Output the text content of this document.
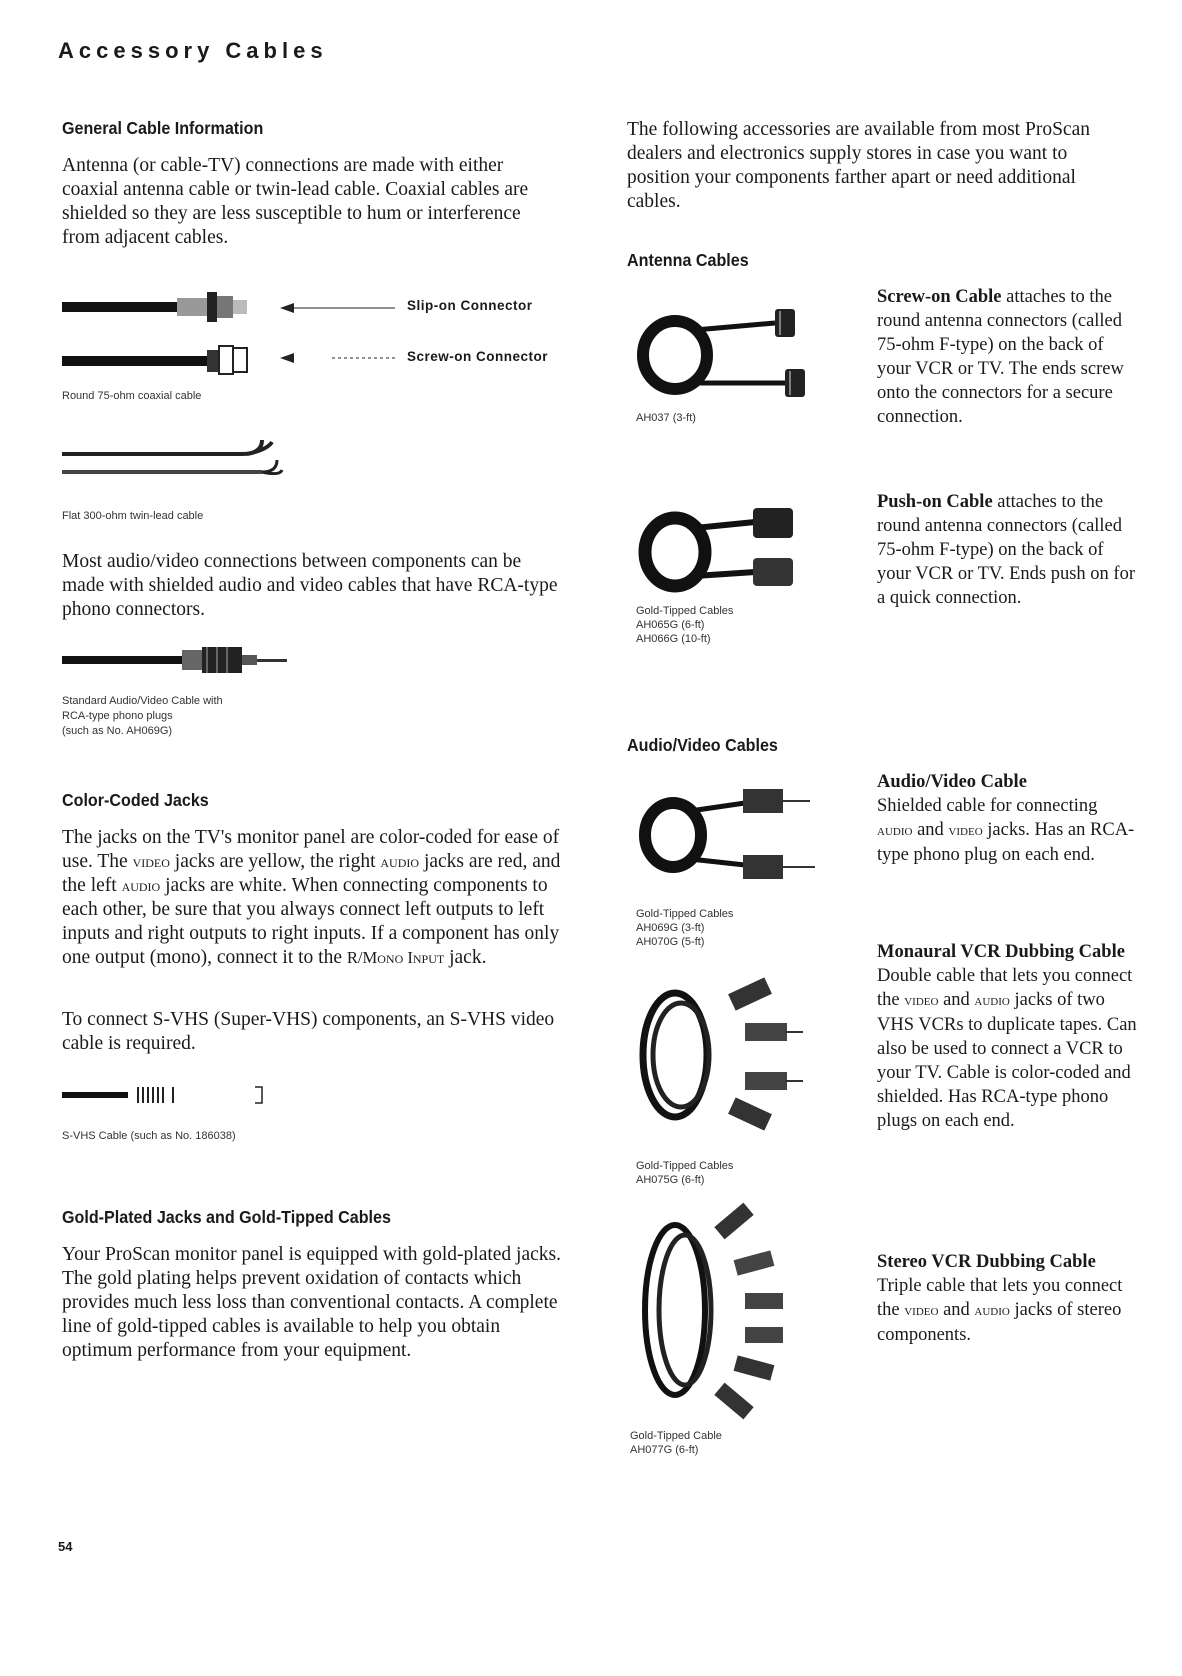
Accessory Cables
General Cable Information

Antenna (or cable-TV) connections are made with either coaxial antenna cable or twin-lead cable. Coaxial cables are shielded so they are less susceptible to hum or interference from adjacent cables.

Slip-on Connector
Screw-on Connector

Round 75-ohm coaxial cable

Flat 300-ohm twin-lead cable

Most audio/video connections between components can be made with shielded audio and video cables that have RCA-type phono connectors.

Standard Audio/Video Cable with

RCA-type phono plugs

(such as No. AH069G)

Color-Coded Jacks

The jacks on the TV's monitor panel are color-coded for ease of use. The video jacks are yellow, the right audio jacks are red, and the left audio jacks are white. When connecting components to each other, be sure that you always connect left outputs to left inputs and right outputs to right inputs. If a component has only one output (mono), connect it to the R/Mono Input jack.

To connect S-VHS (Super-VHS) components, an S-VHS video cable is required.

S-VHS Cable (such as No. 186038)

Gold-Plated Jacks and Gold-Tipped Cables

Your ProScan monitor panel is equipped with gold-plated jacks. The gold plating helps prevent oxidation of contacts which provides much less loss than conventional contacts. A complete line of gold-tipped cables is available to help you obtain optimum performance from your equipment.

54

The following accessories are available from most ProScan dealers and electronics supply stores in case you want to position your components farther apart or need additional cables.

Antenna Cables

AH037 (3-ft)

Screw-on Cable attaches to the round antenna connectors (called 75-ohm F-type) on the back of your VCR or TV. The ends screw onto the connectors for a secure connection.

Gold-Tipped Cables

AH065G (6-ft)

AH066G (10-ft)

Push-on Cable attaches to the round antenna connectors (called 75-ohm F-type) on the back of your VCR or TV. Ends push on for a quick connection.

Audio/Video Cables

Gold-Tipped Cables

AH069G (3-ft)

AH070G (5-ft)

Audio/Video Cable
Shielded cable for connecting audio and video jacks. Has an RCA-type phono plug on each end.

Gold-Tipped Cables

AH075G (6-ft)

Monaural VCR Dubbing Cable
Double cable that lets you connect the video and audio jacks of two VHS VCRs to duplicate tapes. Can also be used to connect a VCR to your TV. Cable is color-coded and shielded. Has RCA-type phono plugs on each end.

Gold-Tipped Cable

AH077G (6-ft)

Stereo VCR Dubbing Cable
Triple cable that lets you connect the video and audio jacks of stereo components.
